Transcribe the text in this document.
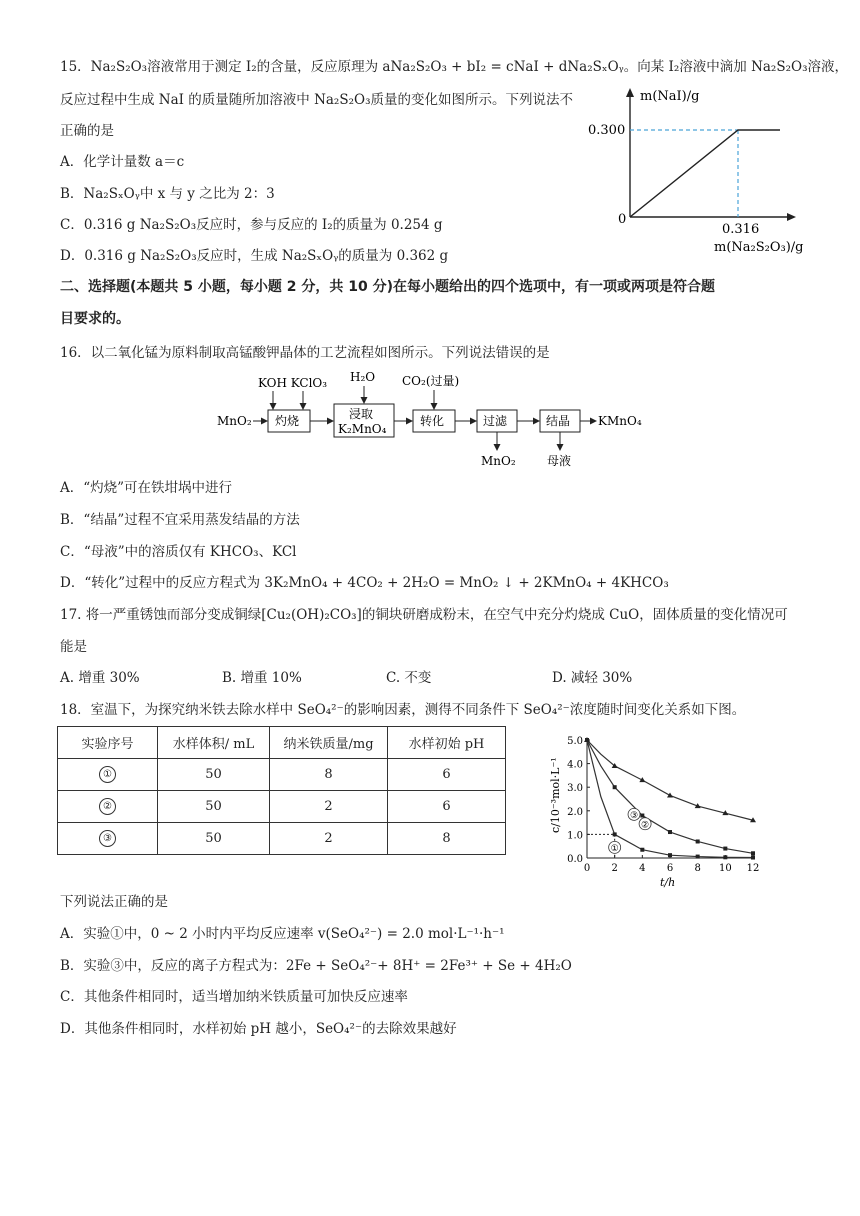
15．Na₂S₂O₃溶液常用于测定 I₂的含量，反应原理为 aNa₂S₂O₃ + bI₂ = cNaI + dNa₂SₓOᵧ。向某 I₂溶液中滴加 Na₂S₂O₃溶液，
反应过程中生成 NaI 的质量随所加溶液中 Na₂S₂O₃质量的变化如图所示。下列说法不
正确的是
A．化学计量数 a＝c
B．Na₂SₓOᵧ中 x 与 y 之比为 2：3
C．0.316 g Na₂S₂O₃反应时，参与反应的 I₂的质量为 0.254 g
D．0.316 g Na₂S₂O₃反应时，生成 Na₂SₓOᵧ的质量为 0.362 g
m(NaI)/g
0.300
0
0.316
m(Na₂S₂O₃)/g
二、选择题(本题共 5 小题，每小题 2 分，共 10 分)在每小题给出的四个选项中，有一项或两项是符合题
目要求的。
16．以二氧化锰为原料制取高锰酸钾晶体的工艺流程如图所示。下列说法错误的是
MnO₂ 灼烧
KOH KClO₃
浸取
K₂MnO₄
H₂O
转化
CO₂(过量)
过滤
MnO₂
结晶
母液
KMnO₄
A．“灼烧”可在铁坩埚中进行
B．“结晶”过程不宜采用蒸发结晶的方法
C．“母液”中的溶质仅有 KHCO₃、KCl
D．“转化”过程中的反应方程式为 3K₂MnO₄ + 4CO₂ + 2H₂O = MnO₂ ↓ + 2KMnO₄ + 4KHCO₃
17. 将一严重锈蚀而部分变成铜绿[Cu₂(OH)₂CO₃]的铜块研磨成粉末，在空气中充分灼烧成 CuO，固体质量的变化情况可
能是
A. 增重 30%	B. 增重 10%	C. 不变	D. 减轻 30%
18．室温下，为探究纳米铁去除水样中 SeO₄²⁻的影响因素，测得不同条件下 SeO₄²⁻浓度随时间变化关系如下图。
实验序号	水样体积/ mL	纳米铁质量/mg	水样初始 pH
①	50	8	6
②	50	2	6
③	50	2	8
0.0
1.0
2.0
3.0
4.0
5.0
0 2 4 6 8 10 12
①
②
③
c/10⁻³mol·L⁻¹
t/h
下列说法正确的是
A．实验①中，0 ~ 2 小时内平均反应速率 v(SeO₄²⁻) = 2.0 mol·L⁻¹·h⁻¹
B．实验③中，反应的离子方程式为：2Fe + SeO₄²⁻+ 8H⁺ = 2Fe³⁺ + Se + 4H₂O
C．其他条件相同时，适当增加纳米铁质量可加快反应速率
D．其他条件相同时，水样初始 pH 越小，SeO₄²⁻的去除效果越好
